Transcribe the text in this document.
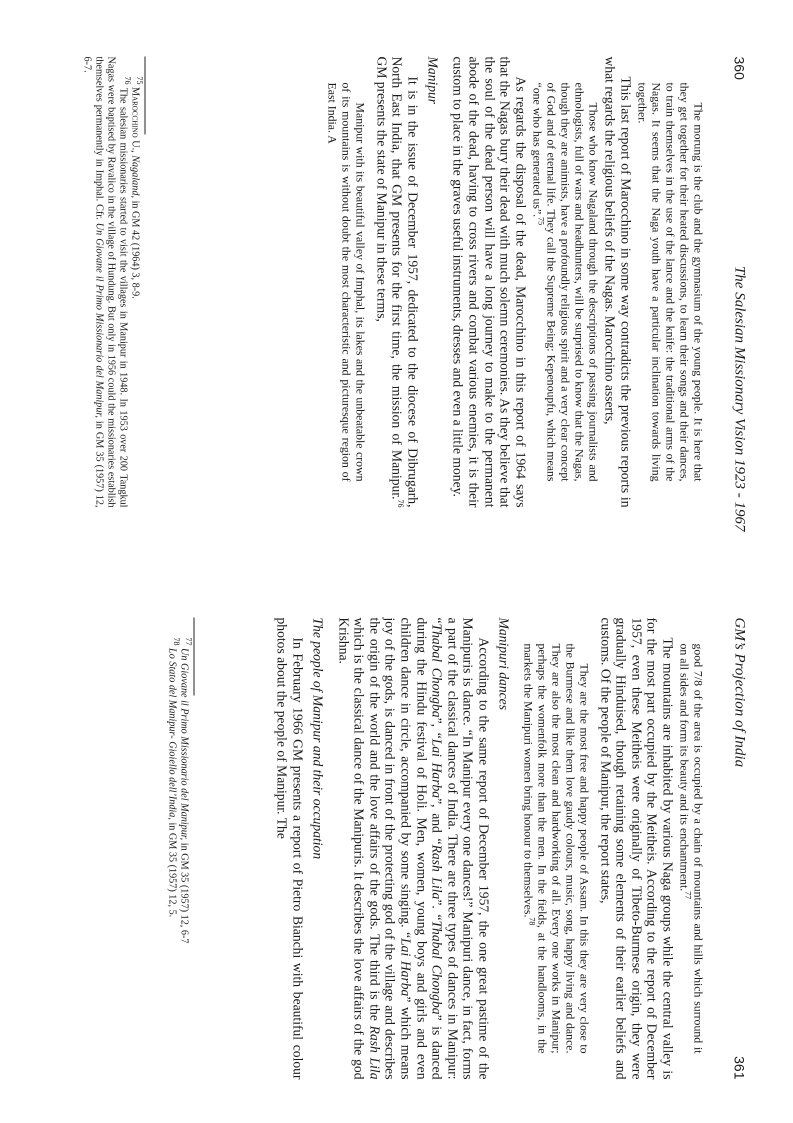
360
The Salesian Missionary Vision 1923 - 1967

The morung is the club and the gymnasium of the young people. It is here that they get together for their heated discussions, to learn their songs and their dances, to train themselves in the use of the lance and the knife: the traditional arms of the Nagas. It seems that the Naga youth have a particular inclination towards living together.

This last report of Marocchino in some way contradicts the previous reports in what regards the religious beliefs of the Nagas. Marocchino asserts,

Those who know Nagaland through the descriptions of passing journalists and ethnologists, full of wars and headhunters, will be surprised to know that the Nagas, though they are animists, have a profoundly religious spirit and a very clear concept of God and of eternal life. They call the Supreme Being: Kepenoupfu, which means “one who has generated us”.$^{75}$

As regards the disposal of the dead, Marocchino in this report of 1964 says that the Nagas bury their dead with much solemn ceremonies. As they believe that the soul of the dead person will have a long journey to make to the permanent abode of the dead, having to cross rivers and combat various enemies, it is their custom to place in the graves useful instruments, dresses and even a little money.

Manipur

It is in the issue of December 1957, dedicated to the diocese of Dibrugarh, North East India, that GM presents for the first time, the mission of Manipur.$^{76}$ GM presents the state of Manipur in these terms,

Manipur with its beautiful valley of Imphal, its lakes and the unbeatable crown of its mountains is without doubt the most characteristic and picturesque region of East India. A

$^{75}$ Marocchino U., Nagaland, in GM 42 (1964) 3, 8-9.

$^{76}$ The salesian missionaries started to visit the villages in Manipur in 1948. In 1953 over 200 Tangkul Nagas were baptised by Ravalico in the village of Hundung. But only in 1956 could the missionaries establish themselves permanently in Imphal. Cfr. Un Giovane il Primo Missionario del Manipur, in GM 35 (1957) 12, 6-7.

GM’s Projection of India
361

good 7/8 of the area is occupied by a chain of mountains and hills which surround it on all sides and form its beauty and its enchantment.$^{77}$

The mountains are inhabited by various Naga groups while the central valley is for the most part occupied by the Meitheis. According to the report of December 1957, even these Meitheis were originally of Tibeto-Burmese origin, they were gradually Hinduised, though retaining some elements of their earlier beliefs and customs. Of the people of Manipur, the report states,

They are the most free and happy people of Assam. In this they are very close to the Burmese and like them love gaudy colours, music, song, happy living and dance. They are also the most clean and hardworking of all. Every one works in Manipur; perhaps the womenfolk more than the men. In the fields, at the handlooms, in the markets the Manipuri women bring honour to themselves.$^{78}$

Manipuri dances

According to the same report of December 1957, the one great pastime of the Manipuris is dance. “In Manipur every one dances!” Manipuri dance, in fact, forms a part of the classical dances of India. There are three types of dances in Manipur: “Thabal Chongba”, “Lai Harba”, and “Rash Lila”. “Thabal Chongba” is danced during the Hindu festival of Holi. Men, women, young boys and girls and even children dance in circle, accompanied by some singing. “Lai Harba” which means joy of the gods, is danced in front of the protecting god of the village and describes the origin of the world and the love affairs of the gods. The third is the Rash Lila which is the classical dance of the Manipuris. It describes the love affairs of the god Krishna.

The people of Manipur and their occupation

In February 1966 GM presents a report of Pietro Bianchi with beautiful colour photos about the people of Manipur. The

$^{77}$ Un Giovane il Primo Missionario del Manipur, in GM 35 (1957) 12, 6-7

$^{78}$ Lo Stato del Manipur- Gioiello dell’India, in GM 35 (1957) 12, 5.
